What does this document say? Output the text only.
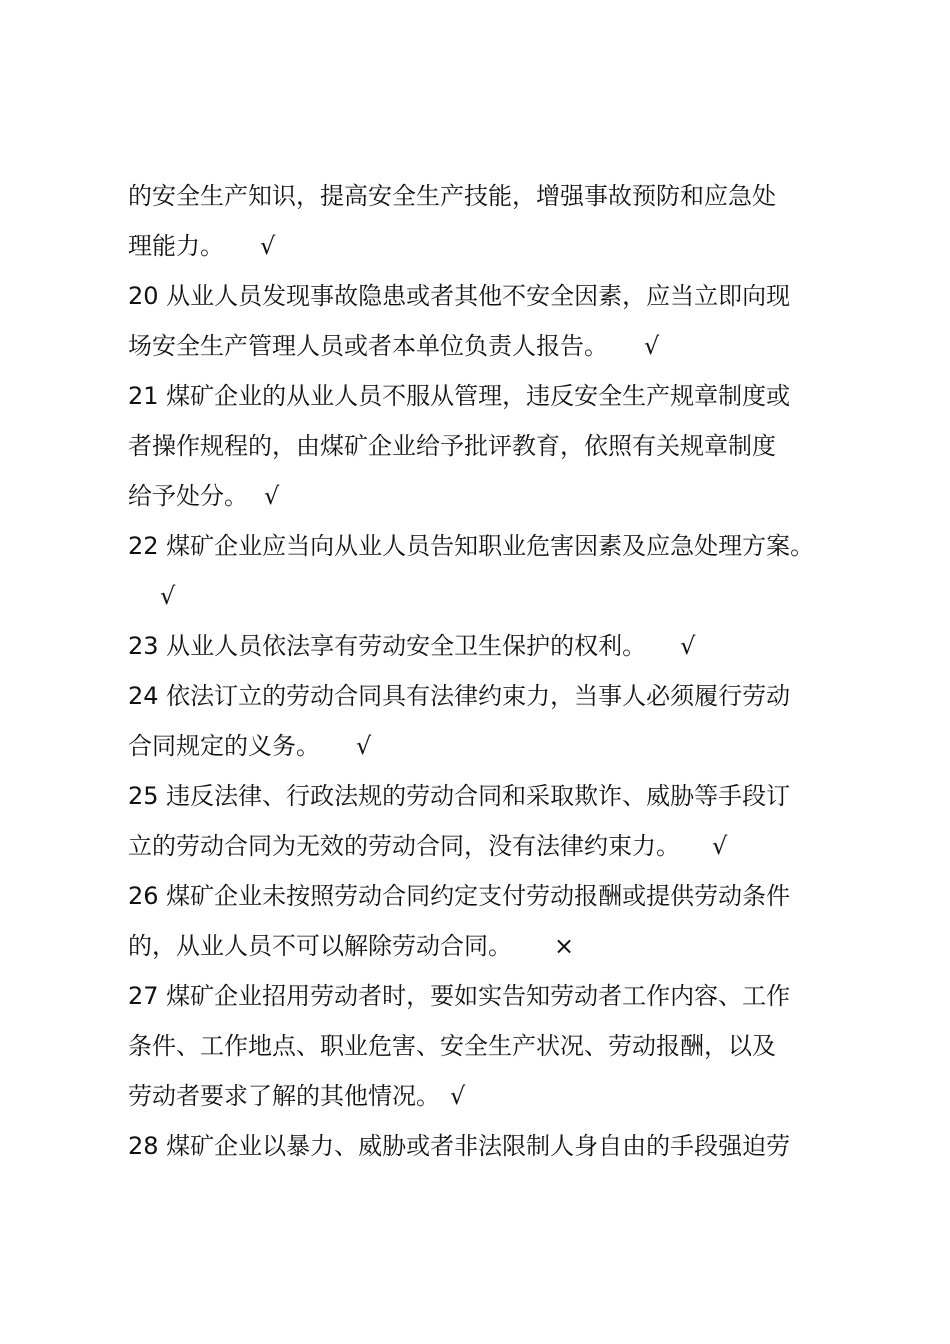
的安全生产知识，提高安全生产技能，增强事故预防和应急处
理能力。 √
20 从业人员发现事故隐患或者其他不安全因素，应当立即向现
场安全生产管理人员或者本单位负责人报告。 √
21 煤矿企业的从业人员不服从管理，违反安全生产规章制度或
者操作规程的，由煤矿企业给予批评教育，依照有关规章制度
给予处分。 √
22 煤矿企业应当向从业人员告知职业危害因素及应急处理方案。
√
23 从业人员依法享有劳动安全卫生保护的权利。 √
24 依法订立的劳动合同具有法律约束力，当事人必须履行劳动
合同规定的义务。 √
25 违反法律、行政法规的劳动合同和采取欺诈、威胁等手段订
立的劳动合同为无效的劳动合同，没有法律约束力。 √
26 煤矿企业未按照劳动合同约定支付劳动报酬或提供劳动条件
的，从业人员不可以解除劳动合同。 ×
27 煤矿企业招用劳动者时，要如实告知劳动者工作内容、工作
条件、工作地点、职业危害、安全生产状况、劳动报酬，以及
劳动者要求了解的其他情况。 √
28 煤矿企业以暴力、威胁或者非法限制人身自由的手段强迫劳
